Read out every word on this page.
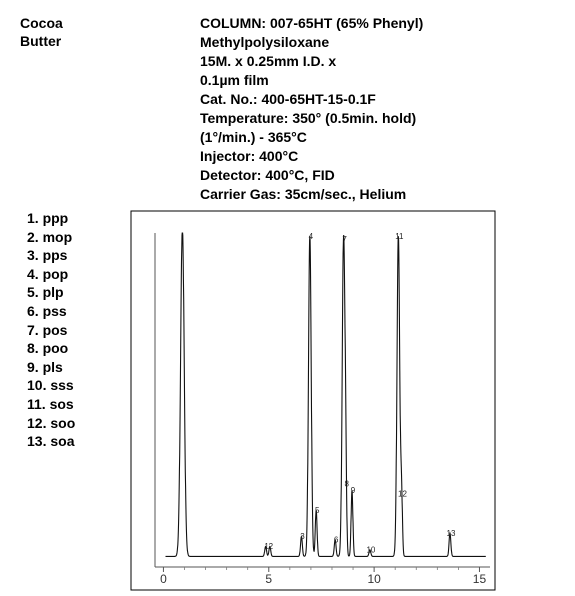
Cocoa
Butter
COLUMN: 007-65HT (65% Phenyl)
Methylpolysiloxane
15M. x 0.25mm I.D. x
0.1µm film
Cat. No.: 400-65HT-15-0.1F
Temperature: 350° (0.5min. hold)
(1°/min.) - 365°C
Injector: 400°C
Detector: 400°C, FID
Carrier Gas: 35cm/sec., Helium
1. ppp
2. mop
3. pps
4. pop
5. plp
6. pss
7. pos
8. poo
9. pls
10. sss
11. sos
12. soo
13. soa
0	5	10	15
1 2
3
4
5
6
7
8
9
10
11
12
13
